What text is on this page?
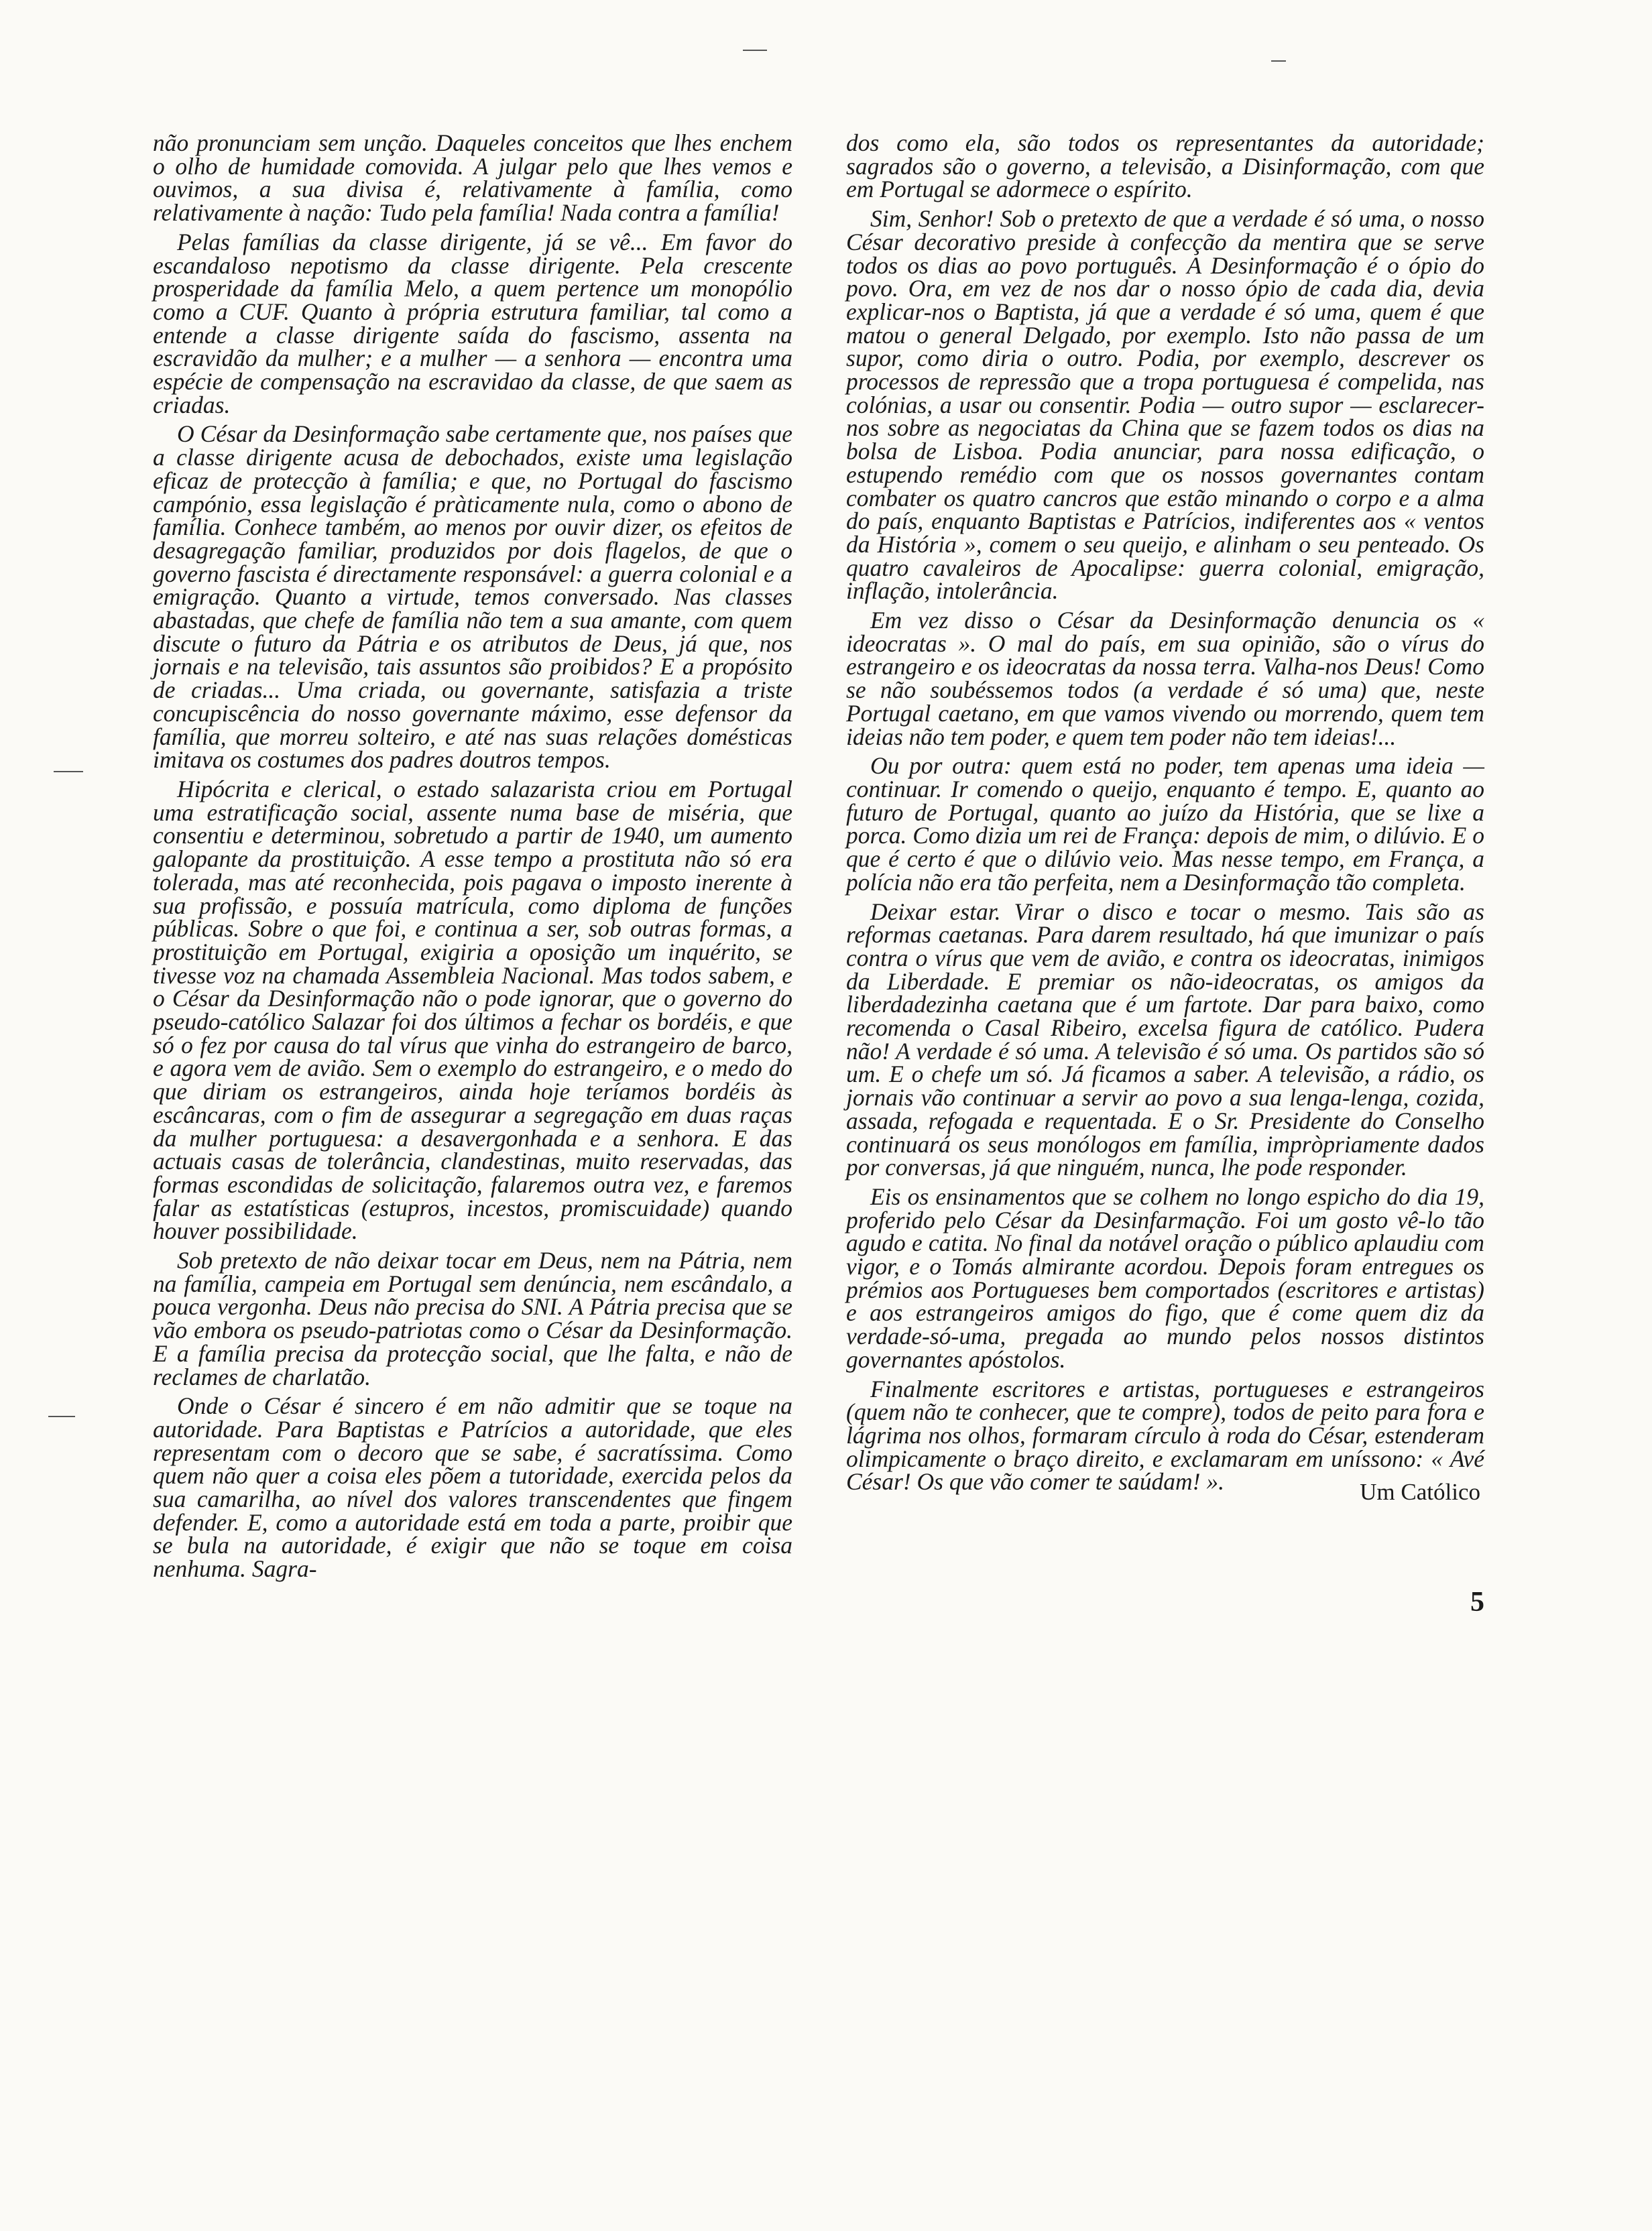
não pronunciam sem unção. Daqueles conceitos que lhes enchem o olho de humidade comovida. A julgar pelo que lhes vemos e ouvimos, a sua divisa é, relativamente à família, como relativamente à nação: Tudo pela família! Nada contra a família!

Pelas famílias da classe dirigente, já se vê... Em favor do escandaloso nepotismo da classe dirigente. Pela crescente prosperidade da família Melo, a quem pertence um monopólio como a CUF. Quanto à própria estrutura familiar, tal como a entende a classe dirigente saída do fascismo, assenta na escravidão da mulher; e a mulher — a senhora — encontra uma espécie de compensação na escravidao da classe, de que saem as criadas.

O César da Desinformação sabe certamente que, nos países que a classe dirigente acusa de debochados, existe uma legislação eficaz de protecção à família; e que, no Portugal do fascismo campónio, essa legislação é pràticamente nula, como o abono de família. Conhece também, ao menos por ouvir dizer, os efeitos de desagregação familiar, produzidos por dois flagelos, de que o governo fascista é directamente responsável: a guerra colonial e a emigração. Quanto a virtude, temos conversado. Nas classes abastadas, que chefe de família não tem a sua amante, com quem discute o futuro da Pátria e os atributos de Deus, já que, nos jornais e na televisão, tais assuntos são proibidos? E a propósito de criadas... Uma criada, ou governante, satisfazia a triste concupiscência do nosso governante máximo, esse defensor da família, que morreu solteiro, e até nas suas relações domésticas imitava os costumes dos padres doutros tempos.

Hipócrita e clerical, o estado salazarista criou em Portugal uma estratificação social, assente numa base de miséria, que consentiu e determinou, sobretudo a partir de 1940, um aumento galopante da prostituição. A esse tempo a prostituta não só era tolerada, mas até reconhecida, pois pagava o imposto inerente à sua profissão, e possuía matrícula, como diploma de funções públicas. Sobre o que foi, e continua a ser, sob outras formas, a prostituição em Portugal, exigiria a oposição um inquérito, se tivesse voz na chamada Assembleia Nacional. Mas todos sabem, e o César da Desinformação não o pode ignorar, que o governo do pseudo-católico Salazar foi dos últimos a fechar os bordéis, e que só o fez por causa do tal vírus que vinha do estrangeiro de barco, e agora vem de avião. Sem o exemplo do estrangeiro, e o medo do que diriam os estrangeiros, ainda hoje teríamos bordéis às escâncaras, com o fim de assegurar a segregação em duas raças da mulher portuguesa: a desavergonhada e a senhora. E das actuais casas de tolerância, clandestinas, muito reservadas, das formas escondidas de solicitação, falaremos outra vez, e faremos falar as estatísticas (estupros, incestos, promiscuidade) quando houver possibilidade.

Sob pretexto de não deixar tocar em Deus, nem na Pátria, nem na família, campeia em Portugal sem denúncia, nem escândalo, a pouca vergonha. Deus não precisa do SNI. A Pátria precisa que se vão embora os pseudo-patriotas como o César da Desinformação. E a família precisa da protecção social, que lhe falta, e não de reclames de charlatão.

Onde o César é sincero é em não admitir que se toque na autoridade. Para Baptistas e Patrícios a autoridade, que eles representam com o decoro que se sabe, é sacratíssima. Como quem não quer a coisa eles põem a tutoridade, exercida pelos da sua camarilha, ao nível dos valores transcendentes que fingem defender. E, como a autoridade está em toda a parte, proibir que se bula na autoridade, é exigir que não se toque em coisa nenhuma. Sagra-

dos como ela, são todos os representantes da autoridade; sagrados são o governo, a televisão, a Disinformação, com que em Portugal se adormece o espírito.

Sim, Senhor! Sob o pretexto de que a verdade é só uma, o nosso César decorativo preside à confecção da mentira que se serve todos os dias ao povo português. A Desinformação é o ópio do povo. Ora, em vez de nos dar o nosso ópio de cada dia, devia explicar-nos o Baptista, já que a verdade é só uma, quem é que matou o general Delgado, por exemplo. Isto não passa de um supor, como diria o outro. Podia, por exemplo, descrever os processos de repressão que a tropa portuguesa é compelida, nas colónias, a usar ou consentir. Podia — outro supor — esclarecer-nos sobre as negociatas da China que se fazem todos os dias na bolsa de Lisboa. Podia anunciar, para nossa edificação, o estupendo remédio com que os nossos governantes contam combater os quatro cancros que estão minando o corpo e a alma do país, enquanto Baptistas e Patrícios, indiferentes aos « ventos da História », comem o seu queijo, e alinham o seu penteado. Os quatro cavaleiros de Apocalipse: guerra colonial, emigração, inflação, intolerância.

Em vez disso o César da Desinformação denuncia os « ideocratas ». O mal do país, em sua opinião, são o vírus do estrangeiro e os ideocratas da nossa terra. Valha-nos Deus! Como se não soubéssemos todos (a verdade é só uma) que, neste Portugal caetano, em que vamos vivendo ou morrendo, quem tem ideias não tem poder, e quem tem poder não tem ideias!...

Ou por outra: quem está no poder, tem apenas uma ideia — continuar. Ir comendo o queijo, enquanto é tempo. E, quanto ao futuro de Portugal, quanto ao juízo da História, que se lixe a porca. Como dizia um rei de França: depois de mim, o dilúvio. E o que é certo é que o dilúvio veio. Mas nesse tempo, em França, a polícia não era tão perfeita, nem a Desinformação tão completa.

Deixar estar. Virar o disco e tocar o mesmo. Tais são as reformas caetanas. Para darem resultado, há que imunizar o país contra o vírus que vem de avião, e contra os ideocratas, inimigos da Liberdade. E premiar os não-ideocratas, os amigos da liberdadezinha caetana que é um fartote. Dar para baixo, como recomenda o Casal Ribeiro, excelsa figura de católico. Pudera não! A verdade é só uma. A televisão é só uma. Os partidos são só um. E o chefe um só. Já ficamos a saber. A televisão, a rádio, os jornais vão continuar a servir ao povo a sua lenga-lenga, cozida, assada, refogada e requentada. E o Sr. Presidente do Conselho continuará os seus monólogos em família, impròpriamente dados por conversas, já que ninguém, nunca, lhe pode responder.

Eis os ensinamentos que se colhem no longo espicho do dia 19, proferido pelo César da Desinfarmação. Foi um gosto vê-lo tão agudo e catita. No final da notável oração o público aplaudiu com vigor, e o Tomás almirante acordou. Depois foram entregues os prémios aos Portugueses bem comportados (escritores e artistas) e aos estrangeiros amigos do figo, que é come quem diz da verdade-só-uma, pregada ao mundo pelos nossos distintos governantes apóstolos.

Finalmente escritores e artistas, portugueses e estrangeiros (quem não te conhecer, que te compre), todos de peito para fora e lágrima nos olhos, formaram círculo à roda do César, estenderam olimpicamente o braço direito, e exclamaram em uníssono: « Avé César! Os que vão comer te saúdam! ».	Um Católico
5
